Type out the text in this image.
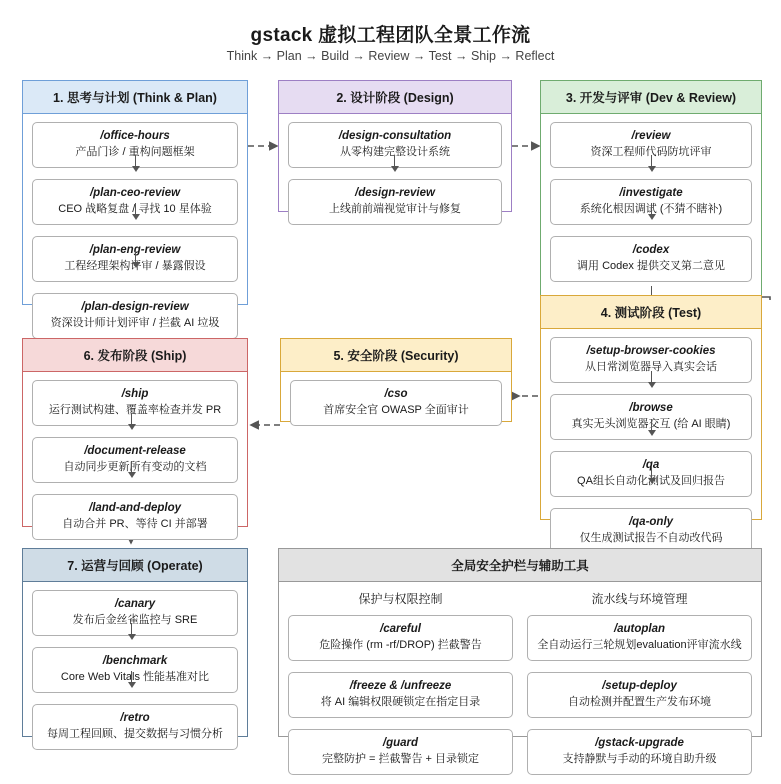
gstack 虚拟工程团队全景工作流
Think → Plan → Build → Review → Test → Ship → Reflect
1. 思考与计划 (Think & Plan)
/office-hours
产品门诊 / 重构问题框架
/plan-ceo-review
CEO 战略复盘 / 寻找 10 星体验
/plan-eng-review
工程经理架构评审 / 暴露假设
/plan-design-review
资深设计师计划评审 / 拦截 AI 垃圾
2. 设计阶段 (Design)
/design-consultation
从零构建完整设计系统
/design-review
上线前前端视觉审计与修复
3. 开发与评审 (Dev & Review)
/review
资深工程师代码防坑评审
/investigate
系统化根因调试 (不猜不瞎补)
/codex
调用 Codex 提供交叉第二意见
4. 测试阶段 (Test)
/setup-browser-cookies
从日常浏览器导入真实会话
/browse
真实无头浏览器交互 (给 AI 眼睛)
/qa
QA组长自动化测试及回归报告
/qa-only
仅生成测试报告不自动改代码
5. 安全阶段 (Security)
/cso
首席安全官 OWASP 全面审计
6. 发布阶段 (Ship)
/ship
运行测试构建、覆盖率检查并发 PR
/document-release
自动同步更新所有变动的文档
/land-and-deploy
自动合并 PR、等待 CI 并部署
7. 运营与回顾 (Operate)
/canary
发布后金丝雀监控与 SRE
/benchmark
Core Web Vitals 性能基准对比
/retro
每周工程回顾、提交数据与习惯分析
全局安全护栏与辅助工具
保护与权限控制
/careful
危险操作 (rm -rf/DROP) 拦截警告
/freeze & /unfreeze
将 AI 编辑权限硬锁定在指定目录
/guard
完整防护 = 拦截警告 + 目录锁定
流水线与环境管理
/autoplan
全自动运行三轮规划evaluation评审流水线
/setup-deploy
自动检测并配置生产发布环境
/gstack-upgrade
支持静默与手动的环境自助升级
